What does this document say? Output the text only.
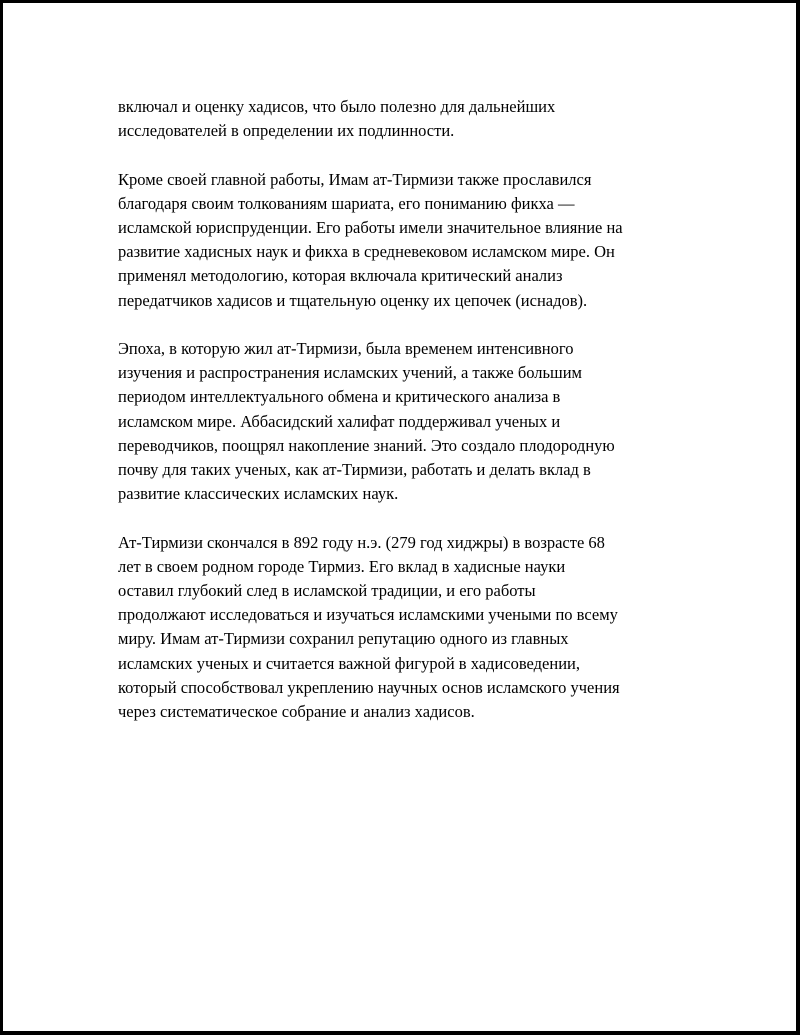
включал и оценку хадисов, что было полезно для дальнейших
исследователей в определении их подлинности.

Кроме своей главной работы, Имам ат-Тирмизи также прославился
благодаря своим толкованиям шариата, его пониманию фикха —
исламской юриспруденции. Его работы имели значительное влияние на
развитие хадисных наук и фикха в средневековом исламском мире. Он
применял методологию, которая включала критический анализ
передатчиков хадисов и тщательную оценку их цепочек (иснадов).

Эпоха, в которую жил ат-Тирмизи, была временем интенсивного
изучения и распространения исламских учений, а также большим
периодом интеллектуального обмена и критического анализа в
исламском мире. Аббасидский халифат поддерживал ученых и
переводчиков, поощрял накопление знаний. Это создало плодородную
почву для таких ученых, как ат-Тирмизи, работать и делать вклад в
развитие классических исламских наук.

Ат-Тирмизи скончался в 892 году н.э. (279 год хиджры) в возрасте 68
лет в своем родном городе Тирмиз. Его вклад в хадисные науки
оставил глубокий след в исламской традиции, и его работы
продолжают исследоваться и изучаться исламскими учеными по всему
миру. Имам ат-Тирмизи сохранил репутацию одного из главных
исламских ученых и считается важной фигурой в хадисоведении,
который способствовал укреплению научных основ исламского учения
через систематическое собрание и анализ хадисов.
